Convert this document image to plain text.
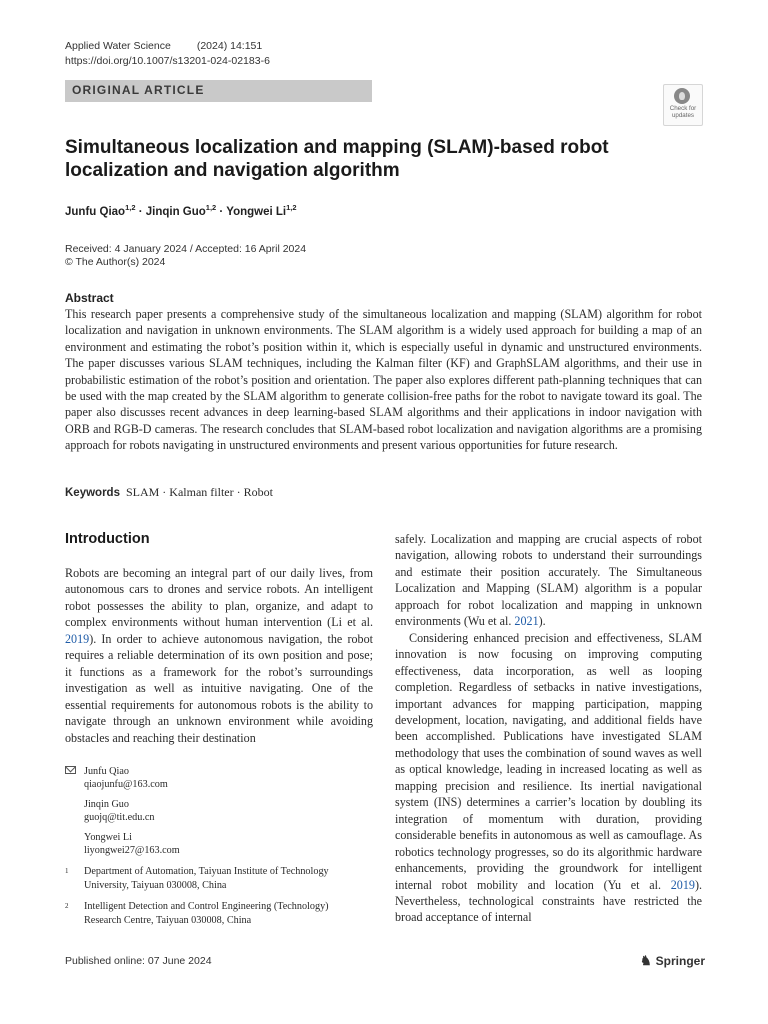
Applied Water Science (2024) 14:151
https://doi.org/10.1007/s13201-024-02183-6
ORIGINAL ARTICLE
Check for updates
Simultaneous localization and mapping (SLAM)-based robot localization and navigation algorithm
Junfu Qiao$^{1,2}$ · Jinqin Guo$^{1,2}$ · Yongwei Li$^{1,2}$
Received: 4 January 2024 / Accepted: 16 April 2024
© The Author(s) 2024
Abstract
This research paper presents a comprehensive study of the simultaneous localization and mapping (SLAM) algorithm for robot localization and navigation in unknown environments. The SLAM algorithm is a widely used approach for building a map of an environment and estimating the robot’s position within it, which is especially useful in dynamic and unstructured environments. The paper discusses various SLAM techniques, including the Kalman filter (KF) and GraphSLAM algorithms, and their use in probabilistic estimation of the robot’s position and orientation. The paper also explores different path-planning techniques that can be used with the map created by the SLAM algorithm to generate collision-free paths for the robot to navigate toward its goal. The paper also discusses recent advances in deep learning-based SLAM algorithms and their applications in indoor navigation with ORB and RGB-D cameras. The research concludes that SLAM-based robot localization and navigation algorithms are a promising approach for robots navigating in unstructured environments and present various opportunities for future research.
Keywords SLAM · Kalman filter · Robot
Introduction
Robots are becoming an integral part of our daily lives, from autonomous cars to drones and service robots. An intelligent robot possesses the ability to plan, organize, and adapt to complex environments without human intervention (Li et al. 2019). In order to achieve autonomous navigation, the robot requires a reliable determination of its own position and pose; it functions as a framework for the robot’s surroundings investigation as well as intuitive navigating. One of the essential requirements for autonomous robots is the ability to navigate through an unknown environment while avoiding obstacles and reaching their destination
safely. Localization and mapping are crucial aspects of robot navigation, allowing robots to understand their surroundings and estimate their position accurately. The Simultaneous Localization and Mapping (SLAM) algorithm is a popular approach for robot localization and mapping in unknown environments (Wu et al. 2021).
Considering enhanced precision and effectiveness, SLAM innovation is now focusing on improving computing effectiveness, data incorporation, as well as looping completion. Regardless of setbacks in native investigations, important advances for mapping participation, mapping development, location, navigating, and additional fields have been accomplished. Publications have investigated SLAM methodology that uses the combination of sound waves as well as optical knowledge, leading in increased locating as well as mapping precision and resilience. Its inertial navigational system (INS) determines a carrier’s location by doubling its integration of momentum with duration, providing considerable benefits in autonomous as well as camouflage. As robotics technology progresses, so do its algorithmic hardware enhancements, providing the groundwork for intelligent internal robot mobility and location (Yu et al. 2019). Nevertheless, technological constraints have restricted the broad acceptance of internal
Junfu Qiao
qiaojunfu@163.com
Jinqin Guo
guojq@tit.edu.cn
Yongwei Li
liyongwei27@163.com
1 Department of Automation, Taiyuan Institute of Technology University, Taiyuan 030008, China
2 Intelligent Detection and Control Engineering (Technology) Research Centre, Taiyuan 030008, China
Published online: 07 June 2024	♞ Springer
